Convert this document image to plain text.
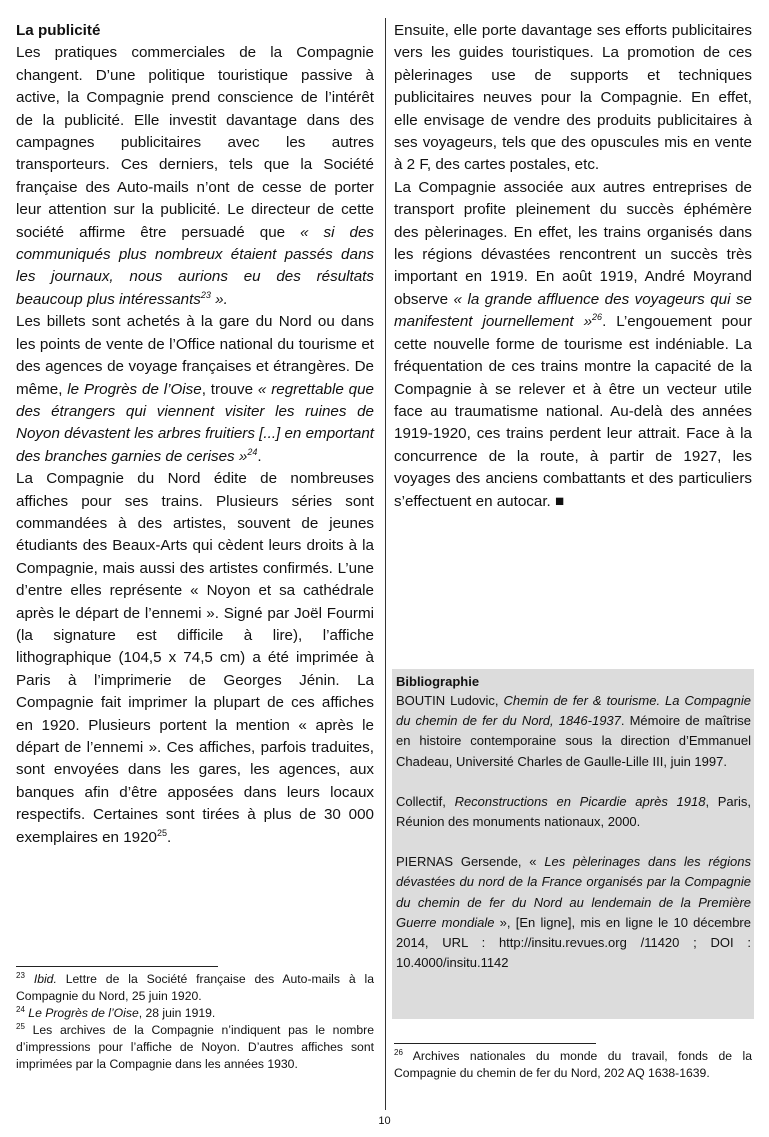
La publicité

Les pratiques commerciales de la Compagnie changent. D’une politique touristique passive à active, la Compagnie prend conscience de l’intérêt de la publicité. Elle investit davantage dans des campagnes publicitaires avec les autres transporteurs. Ces derniers, tels que la Société française des Auto-mails n’ont de cesse de porter leur attention sur la publicité. Le directeur de cette société affirme être persuadé que « si des communiqués plus nombreux étaient passés dans les journaux, nous aurions eu des résultats beaucoup plus intéressants$^{23}$ ».

Les billets sont achetés à la gare du Nord ou dans les points de vente de l’Office national du tourisme et des agences de voyage françaises et étrangères. De même, le Progrès de l’Oise, trouve « regrettable que des étrangers qui viennent visiter les ruines de Noyon dévastent les arbres fruitiers [...] en emportant des branches garnies de cerises »$^{24}$.

La Compagnie du Nord édite de nombreuses affiches pour ses trains. Plusieurs séries sont commandées à des artistes, souvent de jeunes étudiants des Beaux-Arts qui cèdent leurs droits à la Compagnie, mais aussi des artistes confirmés. L’une d’entre elles représente « Noyon et sa cathédrale après le départ de l’ennemi ». Signé par Joël Fourmi (la signature est difficile à lire), l’affiche lithographique (104,5 x 74,5 cm) a été imprimée à Paris à l’imprimerie de Georges Jénin. La Compagnie fait imprimer la plupart de ces affiches en 1920. Plusieurs portent la mention « après le départ de l’ennemi ». Ces affiches, parfois traduites, sont envoyées dans les gares, les agences, aux banques afin d’être apposées dans leurs locaux respectifs. Certaines sont tirées à plus de 30 000 exemplaires en 1920$^{25}$.

$^{23}$ Ibid. Lettre de la Société française des Auto-mails à la Compagnie du Nord, 25 juin 1920.

$^{24}$ Le Progrès de l’Oise, 28 juin 1919.

$^{25}$ Les archives de la Compagnie n’indiquent pas le nombre d’impressions pour l’affiche de Noyon. D’autres affiches sont imprimées par la Compagnie dans les années 1930.

Ensuite, elle porte davantage ses efforts publicitaires vers les guides touristiques. La promotion de ces pèlerinages use de supports et techniques publicitaires neuves pour la Compagnie. En effet, elle envisage de vendre des produits publicitaires à ses voyageurs, tels que des opuscules mis en vente à 2 F, des cartes postales, etc.

La Compagnie associée aux autres entreprises de transport profite pleinement du succès éphémère des pèlerinages. En effet, les trains organisés dans les régions dévastées rencontrent un succès très important en 1919. En août 1919, André Moyrand observe « la grande affluence des voyageurs qui se manifestent journellement »$^{26}$. L’engouement pour cette nouvelle forme de tourisme est indéniable. La fréquentation de ces trains montre la capacité de la Compagnie à se relever et à être un vecteur utile face au traumatisme national. Au-delà des années 1919-1920, ces trains perdent leur attrait. Face à la concurrence de la route, à partir de 1927, les voyages des anciens combattants et des particuliers s’effectuent en autocar. ■

Bibliographie

BOUTIN Ludovic, Chemin de fer & tourisme. La Compagnie du chemin de fer du Nord, 1846-1937. Mémoire de maîtrise en histoire contemporaine sous la direction d’Emmanuel Chadeau, Université Charles de Gaulle-Lille III, juin 1997.

Collectif, Reconstructions en Picardie après 1918, Paris, Réunion des monuments nationaux, 2000.

PIERNAS Gersende, « Les pèlerinages dans les régions dévastées du nord de la France organisés par la Compagnie du chemin de fer du Nord au lendemain de la Première Guerre mondiale », [En ligne], mis en ligne le 10 décembre 2014, URL : http://insitu.revues.org /11420 ; DOI : 10.4000/insitu.1142

$^{26}$ Archives nationales du monde du travail, fonds de la Compagnie du chemin de fer du Nord, 202 AQ 1638-1639.

10
